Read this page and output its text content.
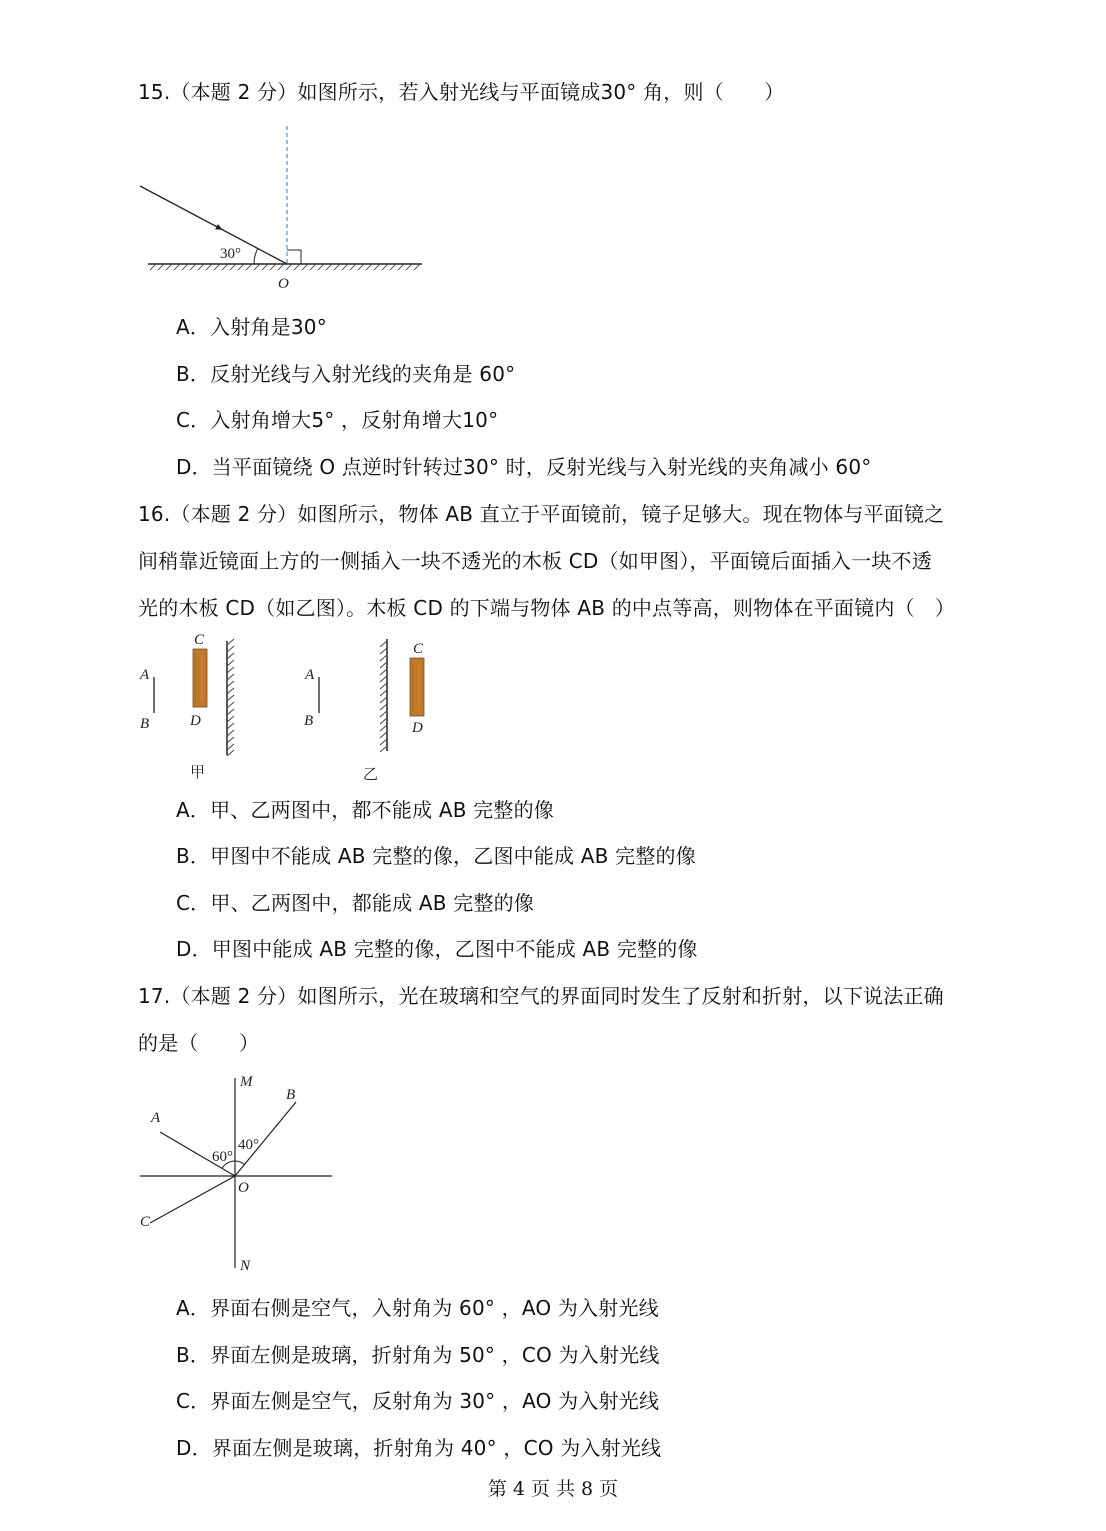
15.（本题 2 分）如图所示，若入射光线与平面镜成30° 角，则（　　）
30°
O
A．入射角是30°
B．反射光线与入射光线的夹角是 60°
C．入射角增大5° ，反射角增大10°
D．当平面镜绕 O 点逆时针转过30° 时，反射光线与入射光线的夹角减小 60°
16.（本题 2 分）如图所示，物体 AB 直立于平面镜前，镜子足够大。现在物体与平面镜之
间稍靠近镜面上方的一侧插入一块不透光的木板 CD（如甲图），平面镜后面插入一块不透
光的木板 CD（如乙图）。木板 CD 的下端与物体 AB 的中点等高，则物体在平面镜内（　）
A
B
C
D
甲
A
B
C
D
乙
A．甲、乙两图中，都不能成 AB 完整的像
B．甲图中不能成 AB 完整的像，乙图中能成 AB 完整的像
C．甲、乙两图中，都能成 AB 完整的像
D．甲图中能成 AB 完整的像，乙图中不能成 AB 完整的像
17.（本题 2 分）如图所示，光在玻璃和空气的界面同时发生了反射和折射，以下说法正确
的是（　　）
M
N
A
B
C
O
60°
40°
A．界面右侧是空气，入射角为 60° ，AO 为入射光线
B．界面左侧是玻璃，折射角为 50° ，CO 为入射光线
C．界面左侧是空气，反射角为 30° ，AO 为入射光线
D．界面左侧是玻璃，折射角为 40° ，CO 为入射光线
第 4 页 共 8 页
